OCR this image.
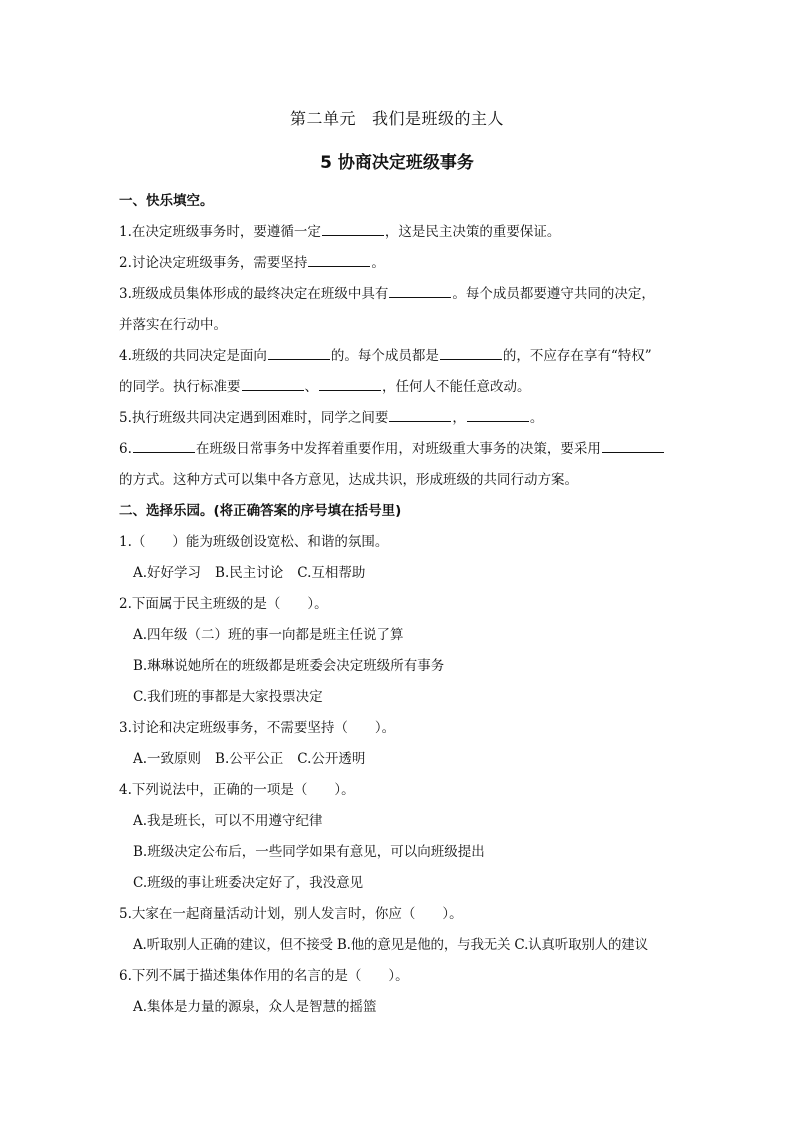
第二单元 我们是班级的主人
5 协商决定班级事务
一、快乐填空。
1.在决定班级事务时，要遵循一定	，这是民主决策的重要保证。
2.讨论决定班级事务，需要坚持	。
3.班级成员集体形成的最终决定在班级中具有	。每个成员都要遵守共同的决定，
并落实在行动中。
4.班级的共同决定是面向	的。每个成员都是	的，不应存在享有“特权”
的同学。执行标准要	、	，任何人不能任意改动。
5.执行班级共同决定遇到困难时，同学之间要	，	。
6.	在班级日常事务中发挥着重要作用，对班级重大事务的决策，要采用
的方式。这种方式可以集中各方意见，达成共识，形成班级的共同行动方案。
二、选择乐园。(将正确答案的序号填在括号里)
1.（　　）能为班级创设宽松、和谐的氛围。
A.好好学习 B.民主讨论 C.互相帮助
2.下面属于民主班级的是（　　）。
A.四年级（二）班的事一向都是班主任说了算
B.琳琳说她所在的班级都是班委会决定班级所有事务
C.我们班的事都是大家投票决定
3.讨论和决定班级事务，不需要坚持（　　）。
A.一致原则 B.公平公正 C.公开透明
4.下列说法中，正确的一项是（　　）。
A.我是班长，可以不用遵守纪律
B.班级决定公布后，一些同学如果有意见，可以向班级提出
C.班级的事让班委决定好了，我没意见
5.大家在一起商量活动计划，别人发言时，你应（　　）。
A.听取别人正确的建议，但不接受 B.他的意见是他的，与我无关 C.认真听取别人的建议
6.下列不属于描述集体作用的名言的是（　　）。
A.集体是力量的源泉，众人是智慧的摇篮
